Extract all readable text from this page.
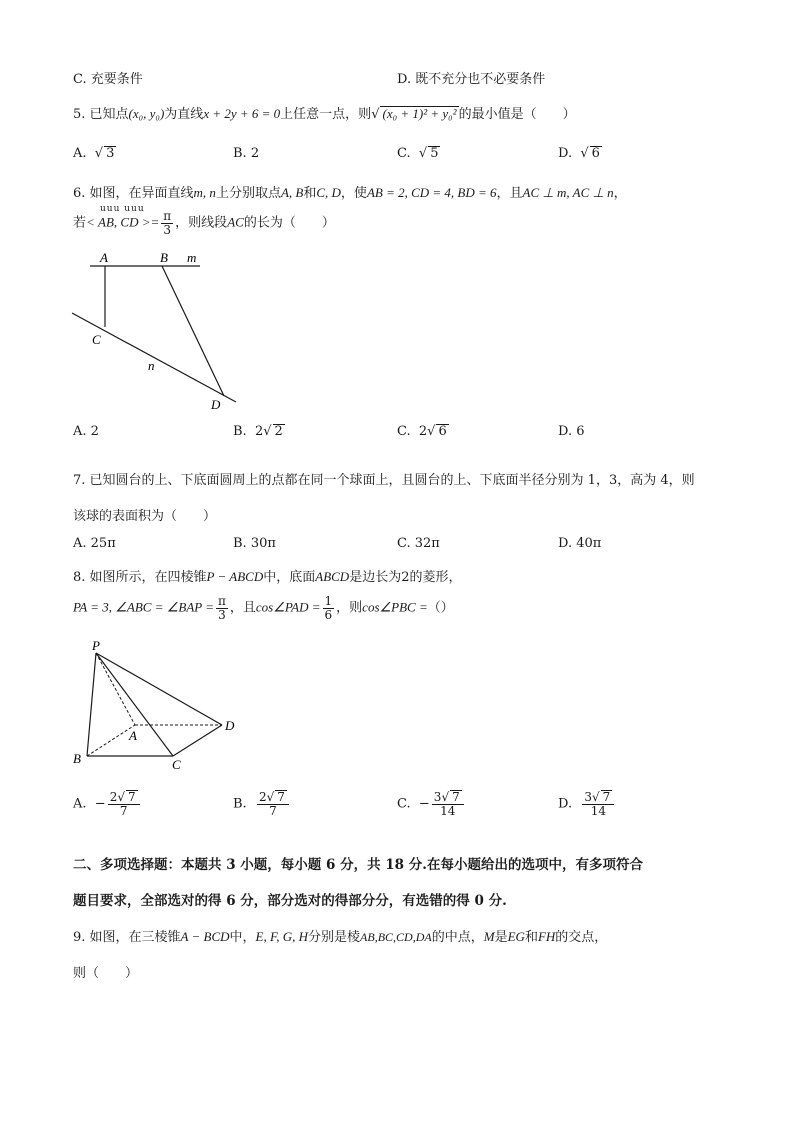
C. 充要条件	D. 既不充分也不必要条件
5. 已知点(x₀, y₀)为直线x + 2y + 6 = 0上任意一点，则√ (x₀ + 1)² + y₀² 的最小值是（　　）
A. √ 3	B. 2	C. √ 5	D. √ 6
6. 如图，在异面直线m, n上分别取点A, B和C, D，使AB = 2, CD = 4, BD = 6，且AC ⊥ m, AC ⊥ n，
uuu uuu
若< AB, CD >= $\frac{\pi}{3}$ ，则线段AC的长为（　　）
A	B m
C
n
D
P
A
B	C
D
A. 2	B. 2√ 2	C. 2√ 6	D. 6
7. 已知圆台的上、下底面圆周上的点都在同一个球面上，且圆台的上、下底面半径分别为 1，3，高为 4，则
该球的表面积为（　　）
A. 25π	B. 30π	C. 32π	D. 40π
8. 如图所示，在四棱锥P − ABCD中，底面ABCD是边长为2的菱形，
PA = 3, ∠ABC = ∠BAP = $\frac{\pi}{3}$ ，且cos∠PAD = $\frac{1}{6}$ ，则cos∠PBC =（）
A. − $\frac{2√ 7}{7}$	B. $\frac{2√ 7}{7}$	C. − $\frac{3√ 7}{14}$	D. $\frac{3√ 7}{14}$
二、多项选择题：本题共 3 小题，每小题 6 分，共 18 分.在每小题给出的选项中，有多项符合
题目要求，全部选对的得 6 分，部分选对的得部分分，有选错的得 0 分.
9. 如图，在三棱锥A − BCD中，E, F, G, H分别是棱AB,BC,CD,DA的中点，M是EG和FH的交点，
则（　　）
